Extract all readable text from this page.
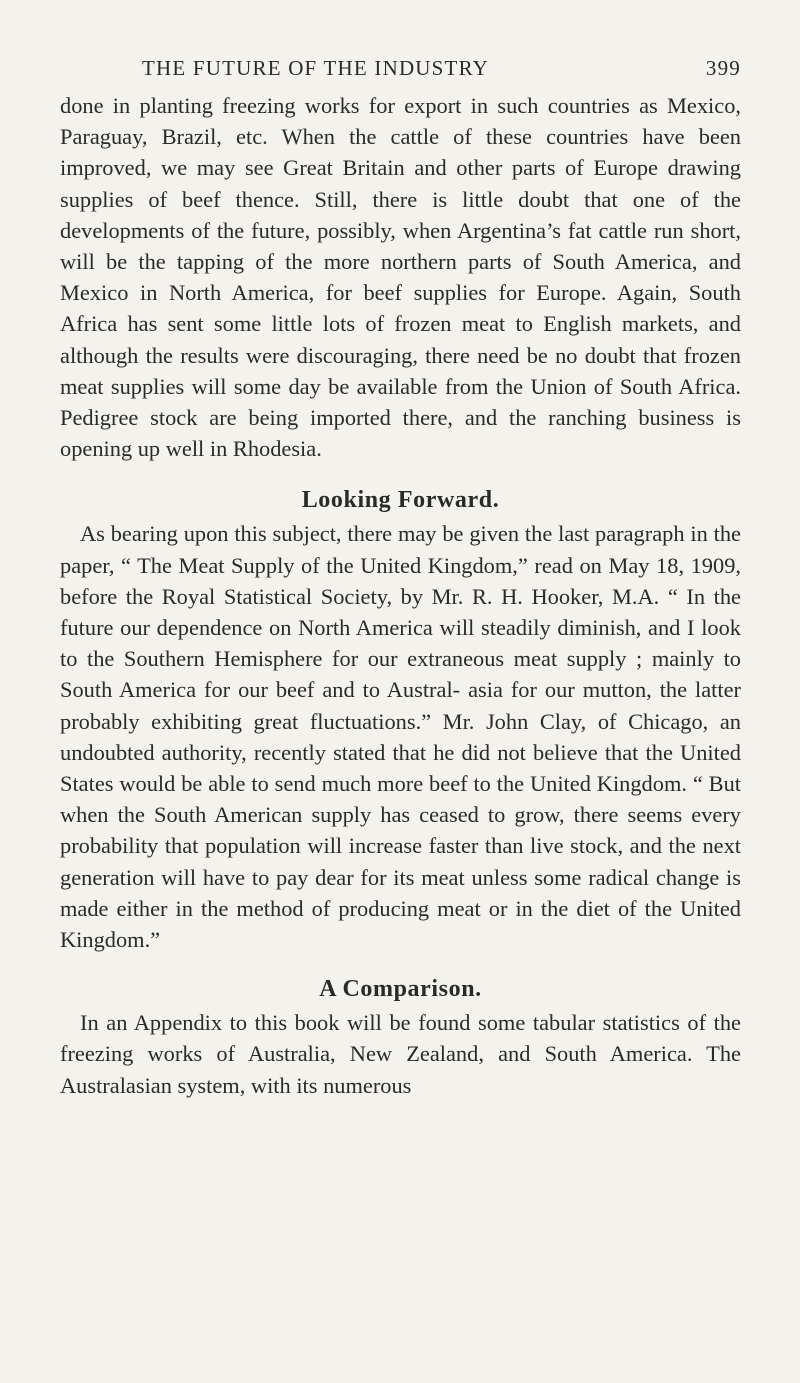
THE FUTURE OF THE INDUSTRY	399

done in planting freezing works for export in such countries as Mexico, Paraguay, Brazil, etc. When the cattle of these countries have been improved, we may see Great Britain and other parts of Europe drawing supplies of beef thence. Still, there is little doubt that one of the developments of the future, possibly, when Argentina’s fat cattle run short, will be the tapping of the more northern parts of South America, and Mexico in North America, for beef supplies for Europe. Again, South Africa has sent some little lots of frozen meat to English markets, and although the results were discouraging, there need be no doubt that frozen meat supplies will some day be available from the Union of South Africa. Pedigree stock are being imported there, and the ranching business is opening up well in Rhodesia.

Looking Forward.

As bearing upon this subject, there may be given the last paragraph in the paper, “ The Meat Supply of the United Kingdom,” read on May 18, 1909, before the Royal Statistical Society, by Mr. R. H. Hooker, M.A. “ In the future our dependence on North America will steadily diminish, and I look to the Southern Hemisphere for our extraneous meat supply ; mainly to South America for our beef and to Austral- asia for our mutton, the latter probably exhibiting great fluctuations.” Mr. John Clay, of Chicago, an undoubted authority, recently stated that he did not believe that the United States would be able to send much more beef to the United Kingdom. “ But when the South American supply has ceased to grow, there seems every probability that population will increase faster than live stock, and the next generation will have to pay dear for its meat unless some radical change is made either in the method of producing meat or in the diet of the United Kingdom.”

A Comparison.

In an Appendix to this book will be found some tabular statistics of the freezing works of Australia, New Zealand, and South America. The Australasian system, with its numerous
